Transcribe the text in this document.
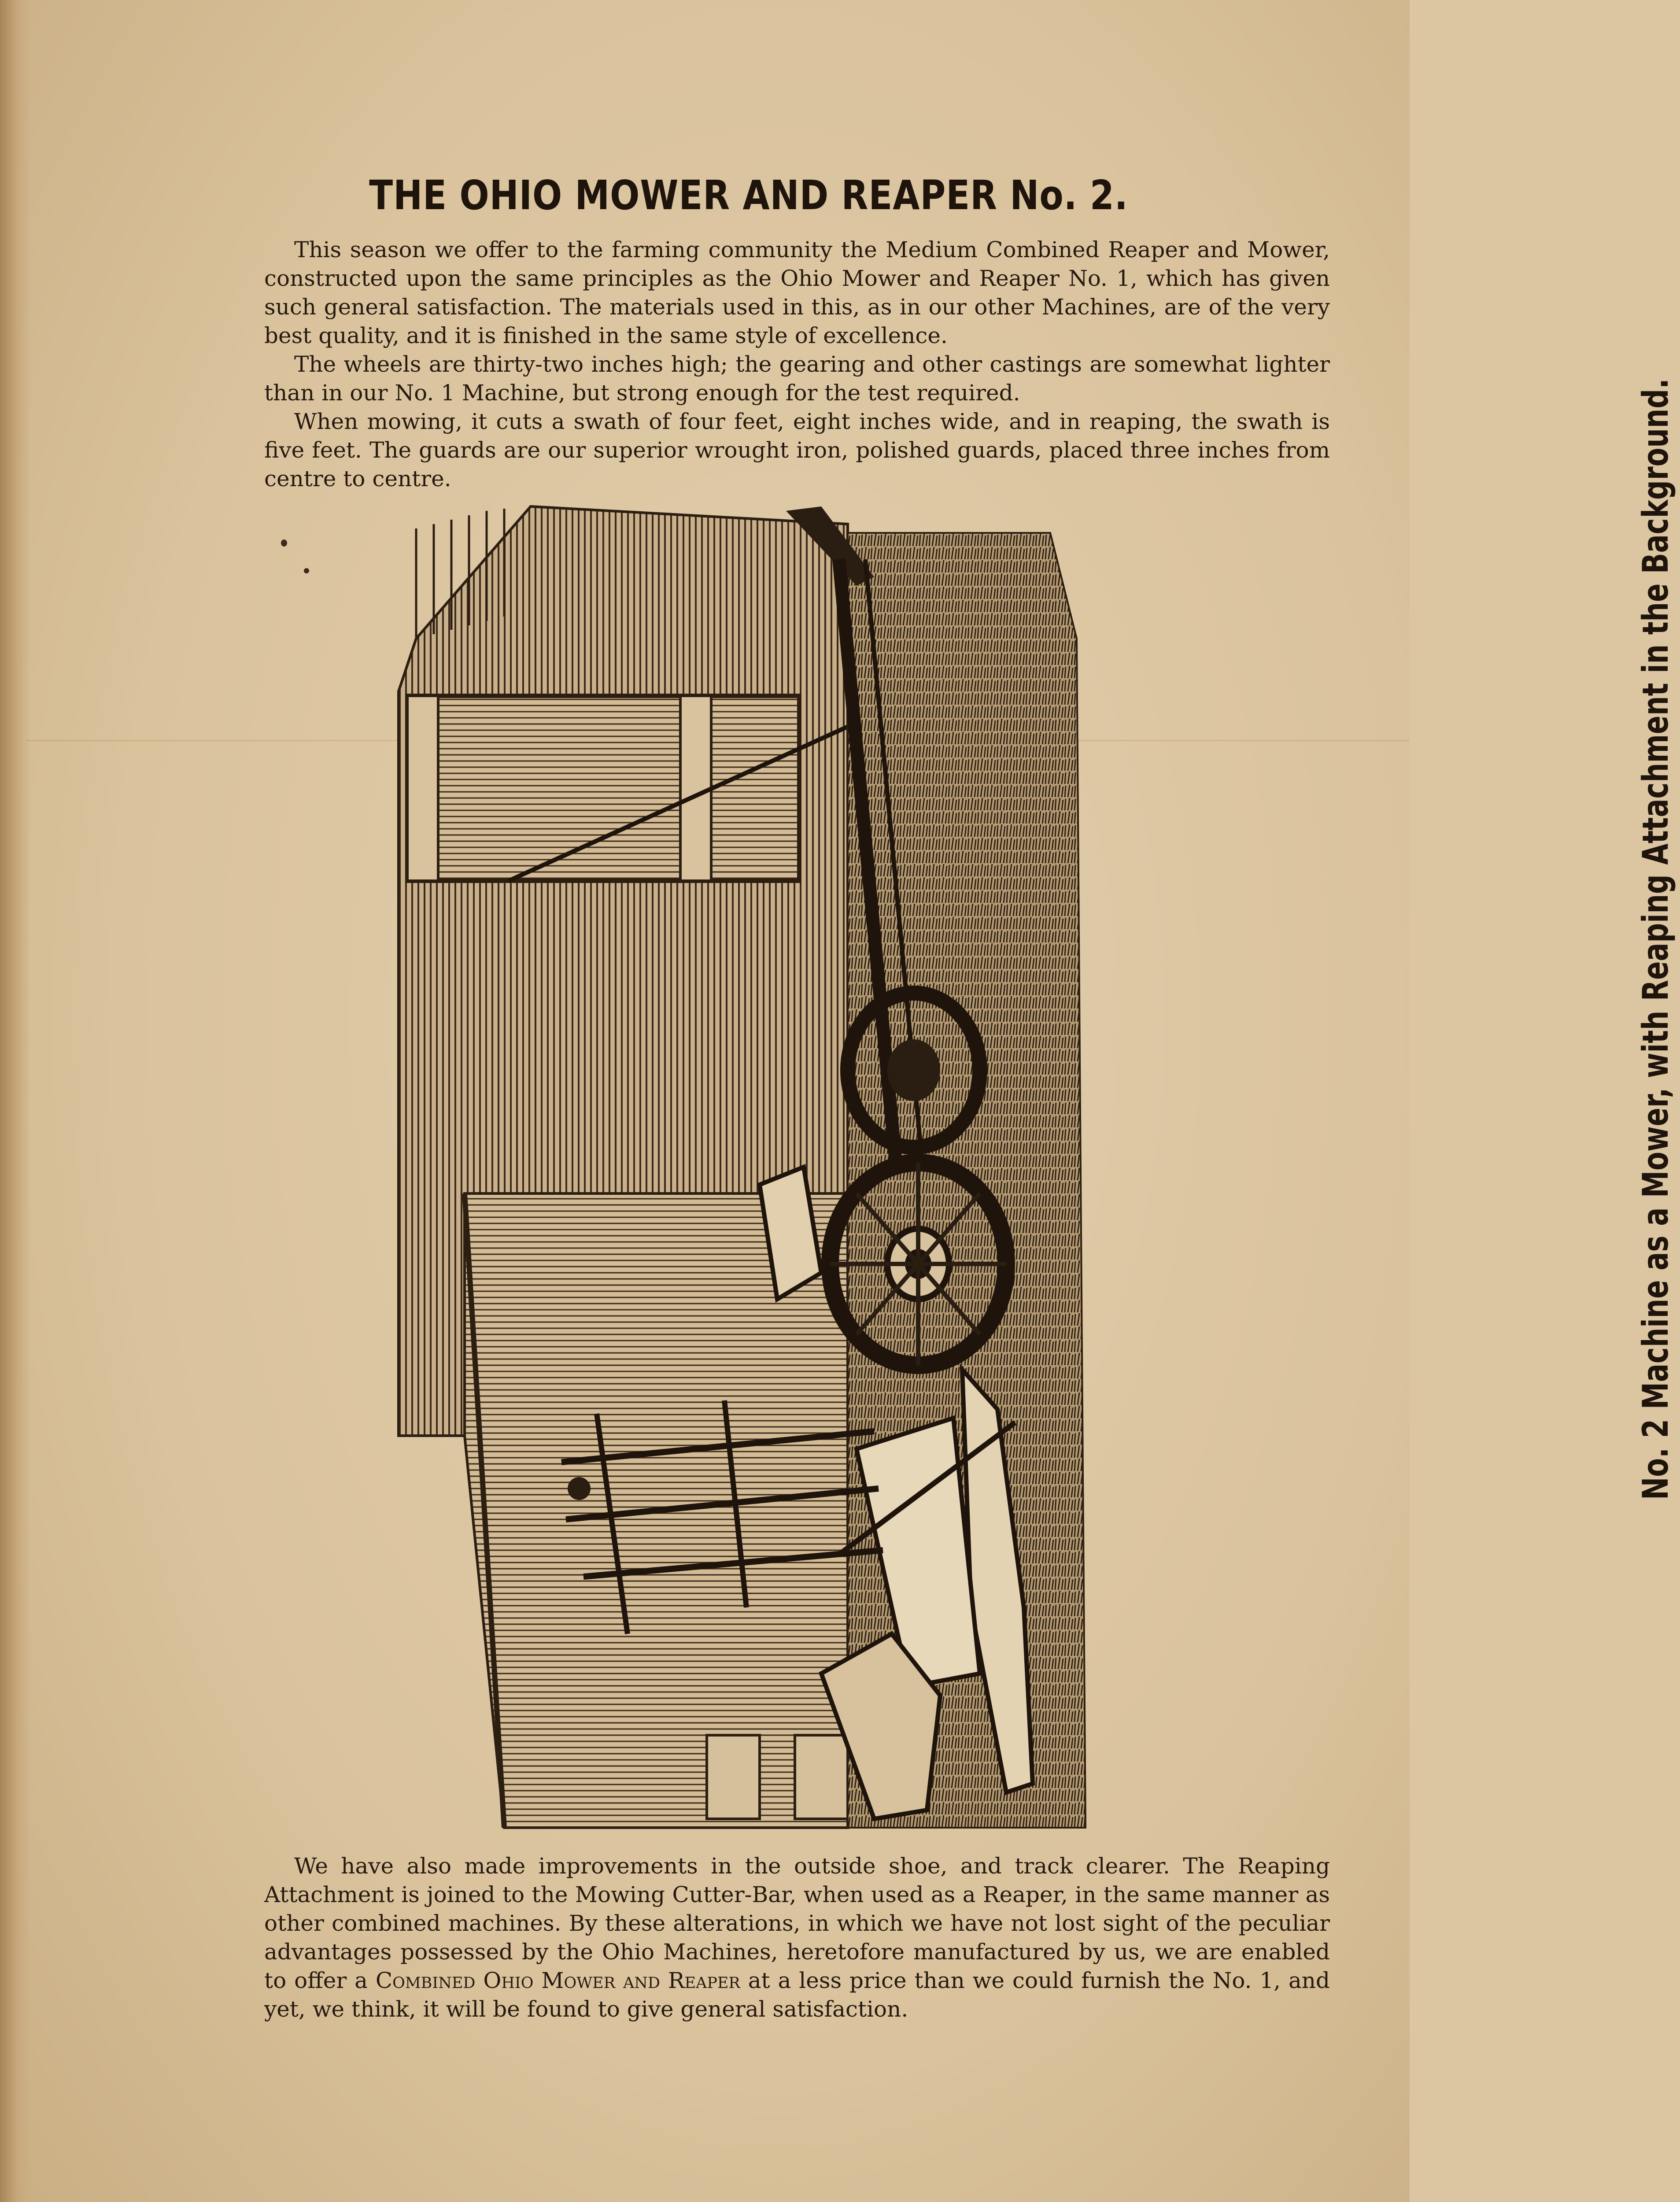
THE OHIO MOWER AND REAPER No. 2.

This season we offer to the farming community the Medium Combined Reaper and Mower, constructed upon the same principles as the Ohio Mower and Reaper No. 1, which has given such general satisfaction. The materials used in this, as in our other Machines, are of the very best quality, and it is finished in the same style of excellence.

The wheels are thirty-two inches high; the gearing and other castings are somewhat lighter than in our No. 1 Machine, but strong enough for the test required.

When mowing, it cuts a swath of four feet, eight inches wide, and in reaping, the swath is five feet. The guards are our superior wrought iron, polished guards, placed three inches from centre to centre.	No. 2 Machine as a Mower, with Reaping Attachment in the Background.

We have also made improvements in the outside shoe, and track clearer. The Reaping Attachment is joined to the Mowing Cutter-Bar, when used as a Reaper, in the same manner as other combined machines. By these alterations, in which we have not lost sight of the peculiar advantages possessed by the Ohio Machines, heretofore manufactured by us, we are enabled to offer a Combined Ohio Mower and Reaper at a less price than we could furnish the No. 1, and yet, we think, it will be found to give general satisfaction.
